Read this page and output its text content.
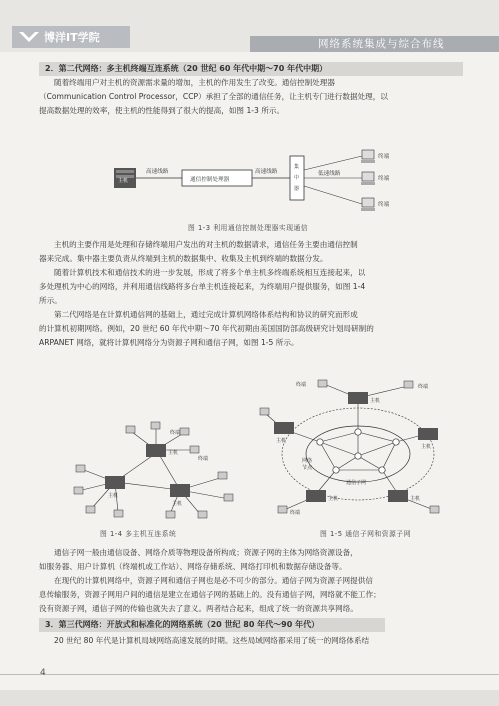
博洋IT学院	网络系统集成与综合布线
2．第二代网络：多主机终端互连系统（20 世纪 60 年代中期～70 年代中期）
随着终端用户对主机的资源需求量的增加，主机的作用发生了改变。通信控制处理器
（Communication Control Processor，CCP）承担了全部的通信任务，让主机专门进行数据处理，以
提高数据处理的效率，使主机的性能得到了很大的提高，如图 1-3 所示。
主机
高速线路
通信控制处理器
高速线路
集
中
器
低速线路
终端
终端
终端
图 1-3 利用通信控制处理器实现通信
主机的主要作用是处理和存储终端用户发出的对主机的数据请求，通信任务主要由通信控制
器来完成。集中器主要负责从终端到主机的数据集中、收集及主机到终端的数据分发。
随着计算机技术和通信技术的进一步发展，形成了将多个单主机多终端系统相互连接起来，以
多处理机为中心的网络，并利用通信线路将多台单主机连接起来，为终端用户提供服务，如图 1-4
所示。
第二代网络是在计算机通信网的基础上，通过完成计算机网络体系结构和协议的研究而形成
的计算机初期网络。例如，20 世纪 60 年代中期～70 年代初期由美国国防部高级研究计划局研制的
ARPANET 网络，就将计算机网络分为资源子网和通信子网，如图 1-5 所示。
主机
主机
主机
终端
终端
图 1-4 多主机互连系统
主机
主机
主机
主机	主机
终端	终端
终端
网络
节点
通信子网
图 1-5 通信子网和资源子网
通信子网一般由通信设备、网络介质等物理设备所构成；资源子网的主体为网络资源设备，
如服务器、用户计算机（终端机或工作站）、网络存储系统、网络打印机和数据存储设备等。
在现代的计算机网络中，资源子网和通信子网也是必不可少的部分。通信子网为资源子网提供信
息传输服务，资源子网用户间的通信是建立在通信子网的基础上的。没有通信子网，网络就不能工作；
没有资源子网，通信子网的传输也就失去了意义。两者结合起来，组成了统一的资源共享网络。
3．第三代网络：开放式和标准化的网络系统（20 世纪 80 年代～90 年代）
20 世纪 80 年代是计算机局域网络高速发展的时期。这些局域网络都采用了统一的网络体系结
4
